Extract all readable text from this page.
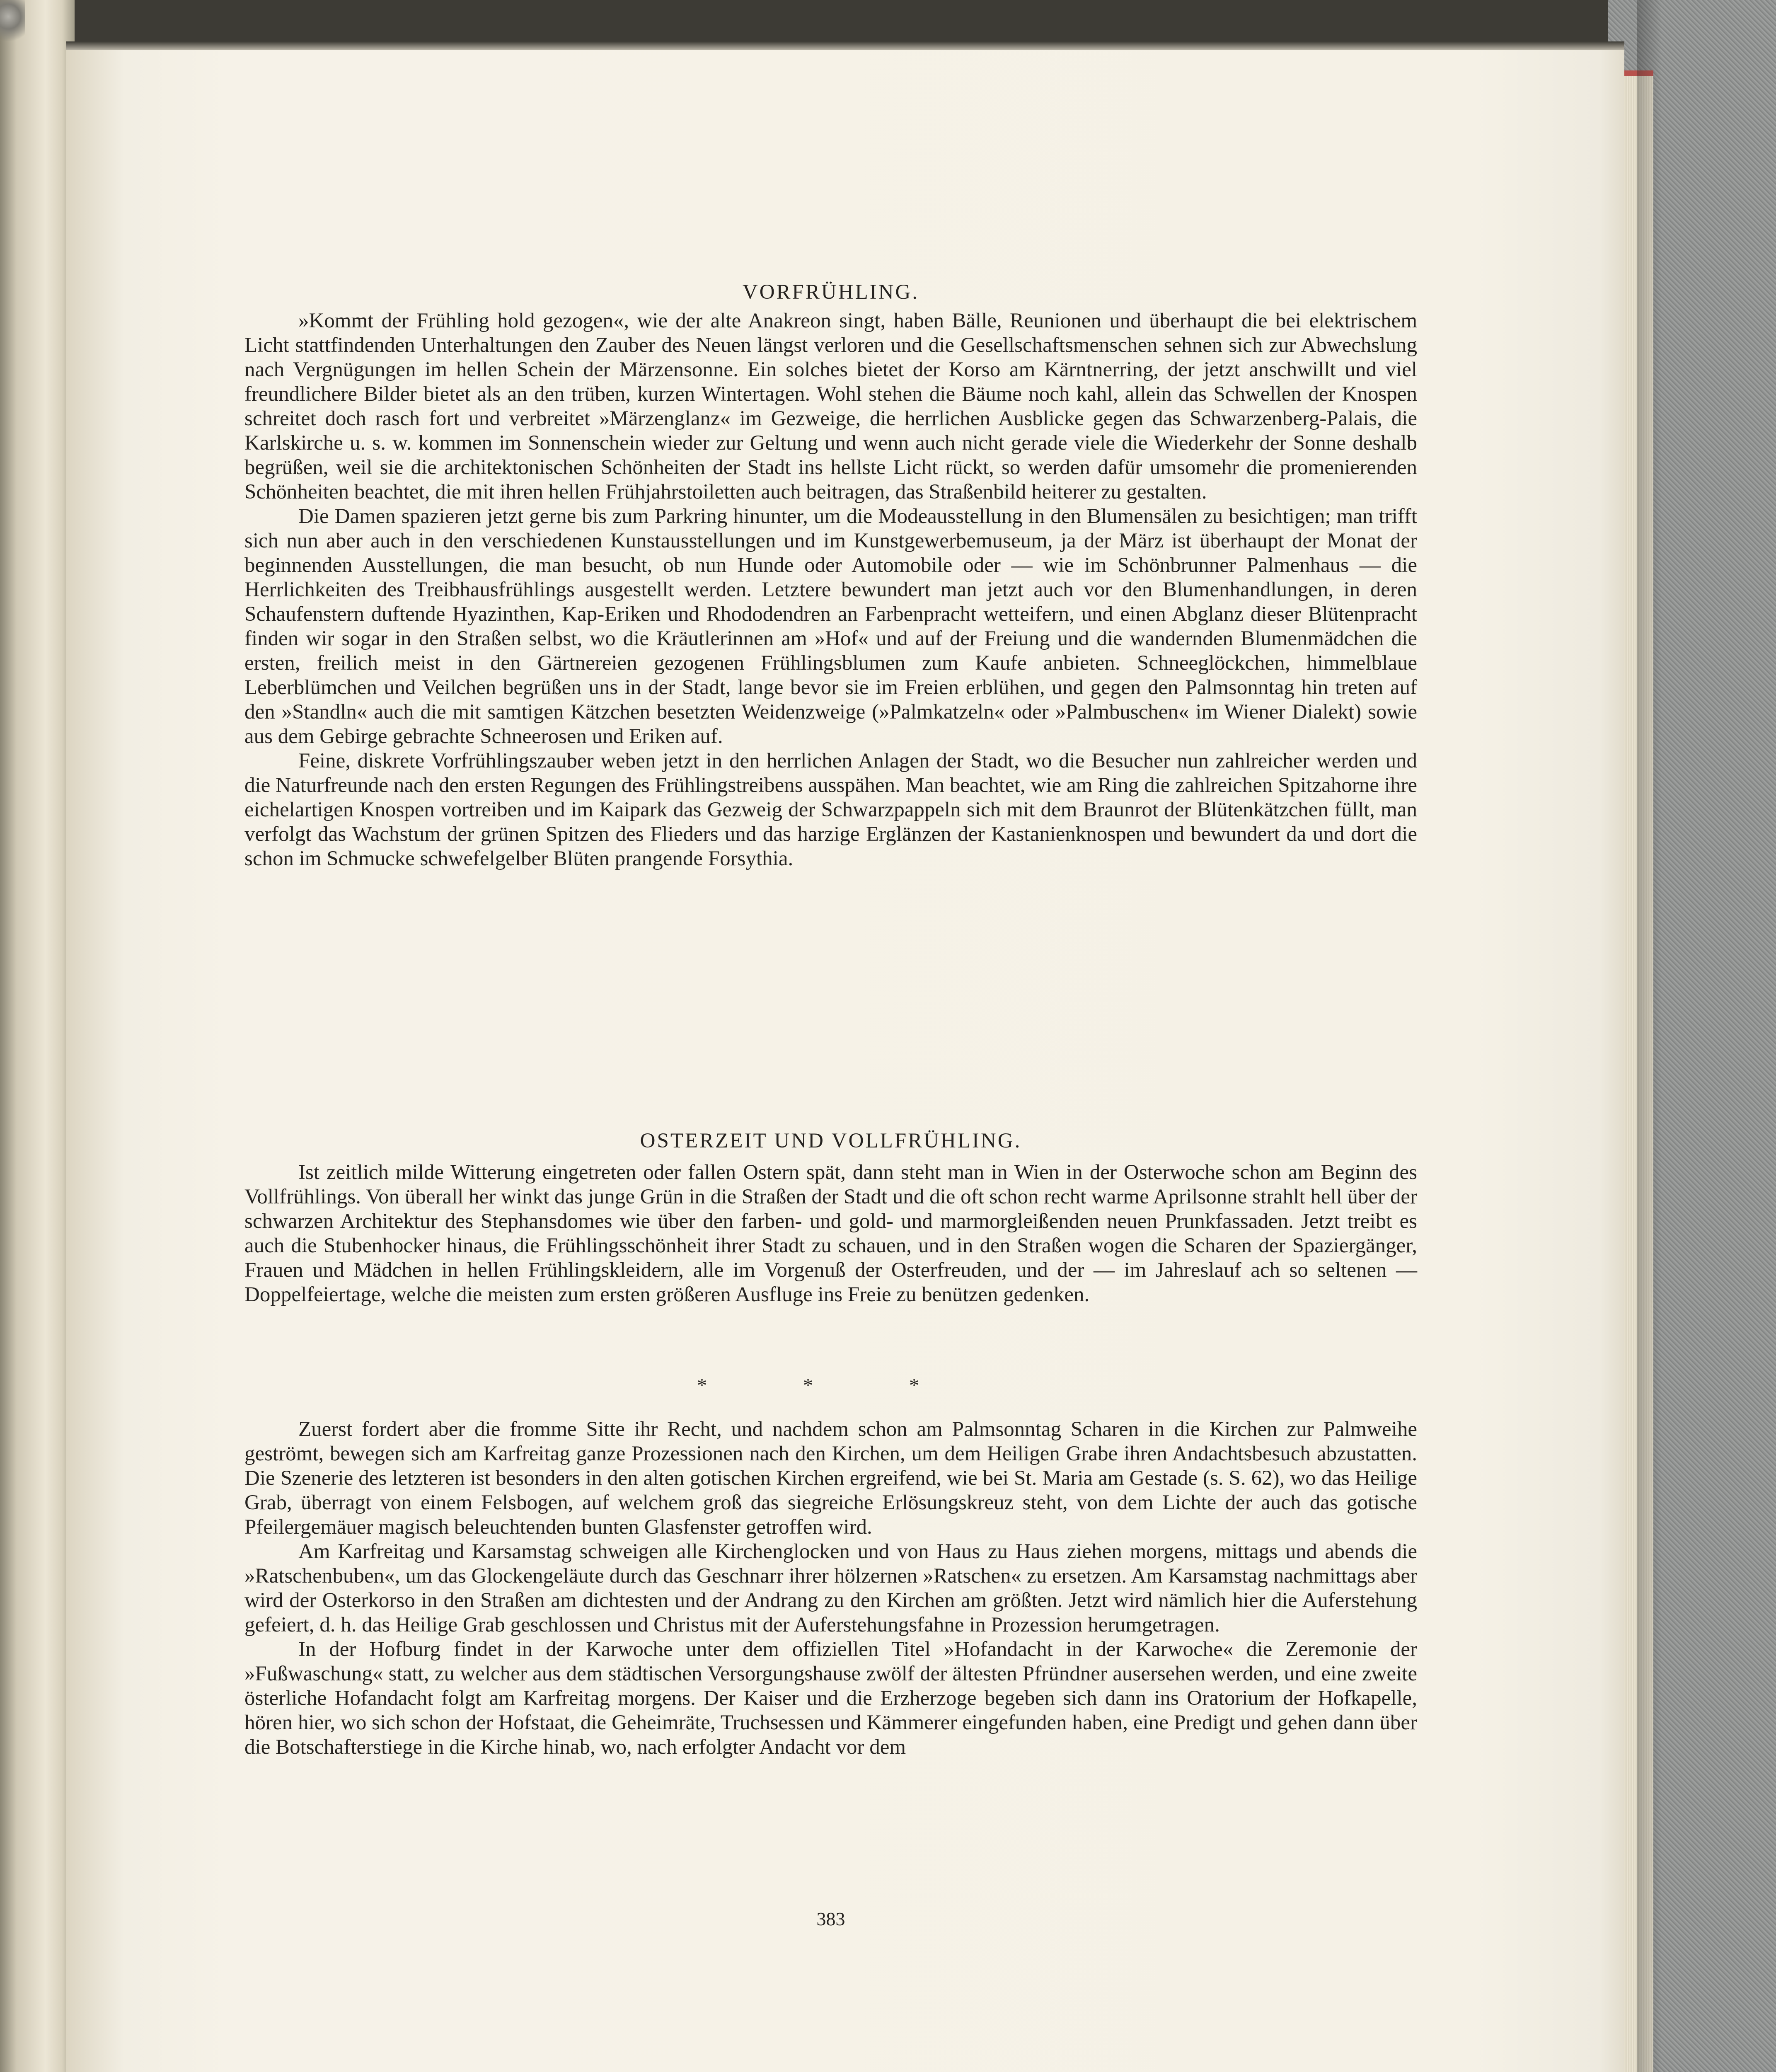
VORFRÜHLING.

»Kommt der Frühling hold gezogen«, wie der alte Anakreon singt, haben Bälle, Reunionen und überhaupt die bei elektrischem Licht stattfindenden Unterhaltungen den Zauber des Neuen längst verloren und die Gesellschaftsmenschen sehnen sich zur Abwechslung nach Vergnügungen im hellen Schein der Märzensonne. Ein solches bietet der Korso am Kärntnerring, der jetzt anschwillt und viel freundlichere Bilder bietet als an den trüben, kurzen Wintertagen. Wohl stehen die Bäume noch kahl, allein das Schwellen der Knospen schreitet doch rasch fort und verbreitet »Märzenglanz« im Gezweige, die herrlichen Ausblicke gegen das Schwarzenberg-Palais, die Karlskirche u. s. w. kommen im Sonnenschein wieder zur Geltung und wenn auch nicht gerade viele die Wiederkehr der Sonne deshalb begrüßen, weil sie die architektonischen Schönheiten der Stadt ins hellste Licht rückt, so werden dafür umsomehr die promenierenden Schönheiten beachtet, die mit ihren hellen Frühjahrstoiletten auch beitragen, das Straßenbild heiterer zu gestalten.

Die Damen spazieren jetzt gerne bis zum Parkring hinunter, um die Modeausstellung in den Blumensälen zu besichtigen; man trifft sich nun aber auch in den verschiedenen Kunstausstellungen und im Kunstgewerbemuseum, ja der März ist überhaupt der Monat der beginnenden Ausstellungen, die man besucht, ob nun Hunde oder Automobile oder — wie im Schönbrunner Palmenhaus — die Herrlichkeiten des Treibhausfrühlings ausgestellt werden. Letztere bewundert man jetzt auch vor den Blumenhandlungen, in deren Schaufenstern duftende Hyazinthen, Kap-Eriken und Rhododendren an Farbenpracht wetteifern, und einen Abglanz dieser Blütenpracht finden wir sogar in den Straßen selbst, wo die Kräutlerinnen am »Hof« und auf der Freiung und die wandernden Blumenmädchen die ersten, freilich meist in den Gärtnereien gezogenen Frühlingsblumen zum Kaufe anbieten. Schneeglöckchen, himmelblaue Leberblümchen und Veilchen begrüßen uns in der Stadt, lange bevor sie im Freien erblühen, und gegen den Palmsonntag hin treten auf den »Standln« auch die mit samtigen Kätzchen besetzten Weidenzweige (»Palmkatzeln« oder »Palmbuschen« im Wiener Dialekt) sowie aus dem Gebirge gebrachte Schneerosen und Eriken auf.

Feine, diskrete Vorfrühlingszauber weben jetzt in den herrlichen Anlagen der Stadt, wo die Besucher nun zahlreicher werden und die Naturfreunde nach den ersten Regungen des Frühlingstreibens ausspähen. Man beachtet, wie am Ring die zahlreichen Spitzahorne ihre eichelartigen Knospen vortreiben und im Kaipark das Gezweig der Schwarzpappeln sich mit dem Braunrot der Blütenkätzchen füllt, man verfolgt das Wachstum der grünen Spitzen des Flieders und das harzige Erglänzen der Kastanienknospen und bewundert da und dort die schon im Schmucke schwefelgelber Blüten prangende Forsythia.

OSTERZEIT UND VOLLFRÜHLING.

Ist zeitlich milde Witterung eingetreten oder fallen Ostern spät, dann steht man in Wien in der Osterwoche schon am Beginn des Vollfrühlings. Von überall her winkt das junge Grün in die Straßen der Stadt und die oft schon recht warme Aprilsonne strahlt hell über der schwarzen Architektur des Stephansdomes wie über den farben- und gold- und marmorgleißenden neuen Prunkfassaden. Jetzt treibt es auch die Stubenhocker hinaus, die Frühlingsschönheit ihrer Stadt zu schauen, und in den Straßen wogen die Scharen der Spaziergänger, Frauen und Mädchen in hellen Frühlingskleidern, alle im Vorgenuß der Osterfreuden, und der — im Jahreslauf ach so seltenen — Doppelfeiertage, welche die meisten zum ersten größeren Ausfluge ins Freie zu benützen gedenken.

* * *

Zuerst fordert aber die fromme Sitte ihr Recht, und nachdem schon am Palmsonntag Scharen in die Kirchen zur Palmweihe geströmt, bewegen sich am Karfreitag ganze Prozessionen nach den Kirchen, um dem Heiligen Grabe ihren Andachtsbesuch abzustatten. Die Szenerie des letzteren ist besonders in den alten gotischen Kirchen ergreifend, wie bei St. Maria am Gestade (s. S. 62), wo das Heilige Grab, überragt von einem Felsbogen, auf welchem groß das siegreiche Erlösungskreuz steht, von dem Lichte der auch das gotische Pfeilergemäuer magisch beleuchtenden bunten Glasfenster getroffen wird.

Am Karfreitag und Karsamstag schweigen alle Kirchenglocken und von Haus zu Haus ziehen morgens, mittags und abends die »Ratschenbuben«, um das Glockengeläute durch das Geschnarr ihrer hölzernen »Ratschen« zu ersetzen. Am Karsamstag nachmittags aber wird der Osterkorso in den Straßen am dichtesten und der Andrang zu den Kirchen am größten. Jetzt wird nämlich hier die Auferstehung gefeiert, d. h. das Heilige Grab geschlossen und Christus mit der Auferstehungsfahne in Prozession herumgetragen.

In der Hofburg findet in der Karwoche unter dem offiziellen Titel »Hofandacht in der Karwoche« die Zeremonie der »Fußwaschung« statt, zu welcher aus dem städtischen Versorgungshause zwölf der ältesten Pfründner ausersehen werden, und eine zweite österliche Hofandacht folgt am Karfreitag morgens. Der Kaiser und die Erzherzoge begeben sich dann ins Oratorium der Hofkapelle, hören hier, wo sich schon der Hofstaat, die Geheimräte, Truchsessen und Kämmerer eingefunden haben, eine Predigt und gehen dann über die Botschafterstiege in die Kirche hinab, wo, nach erfolgter Andacht vor dem

383
